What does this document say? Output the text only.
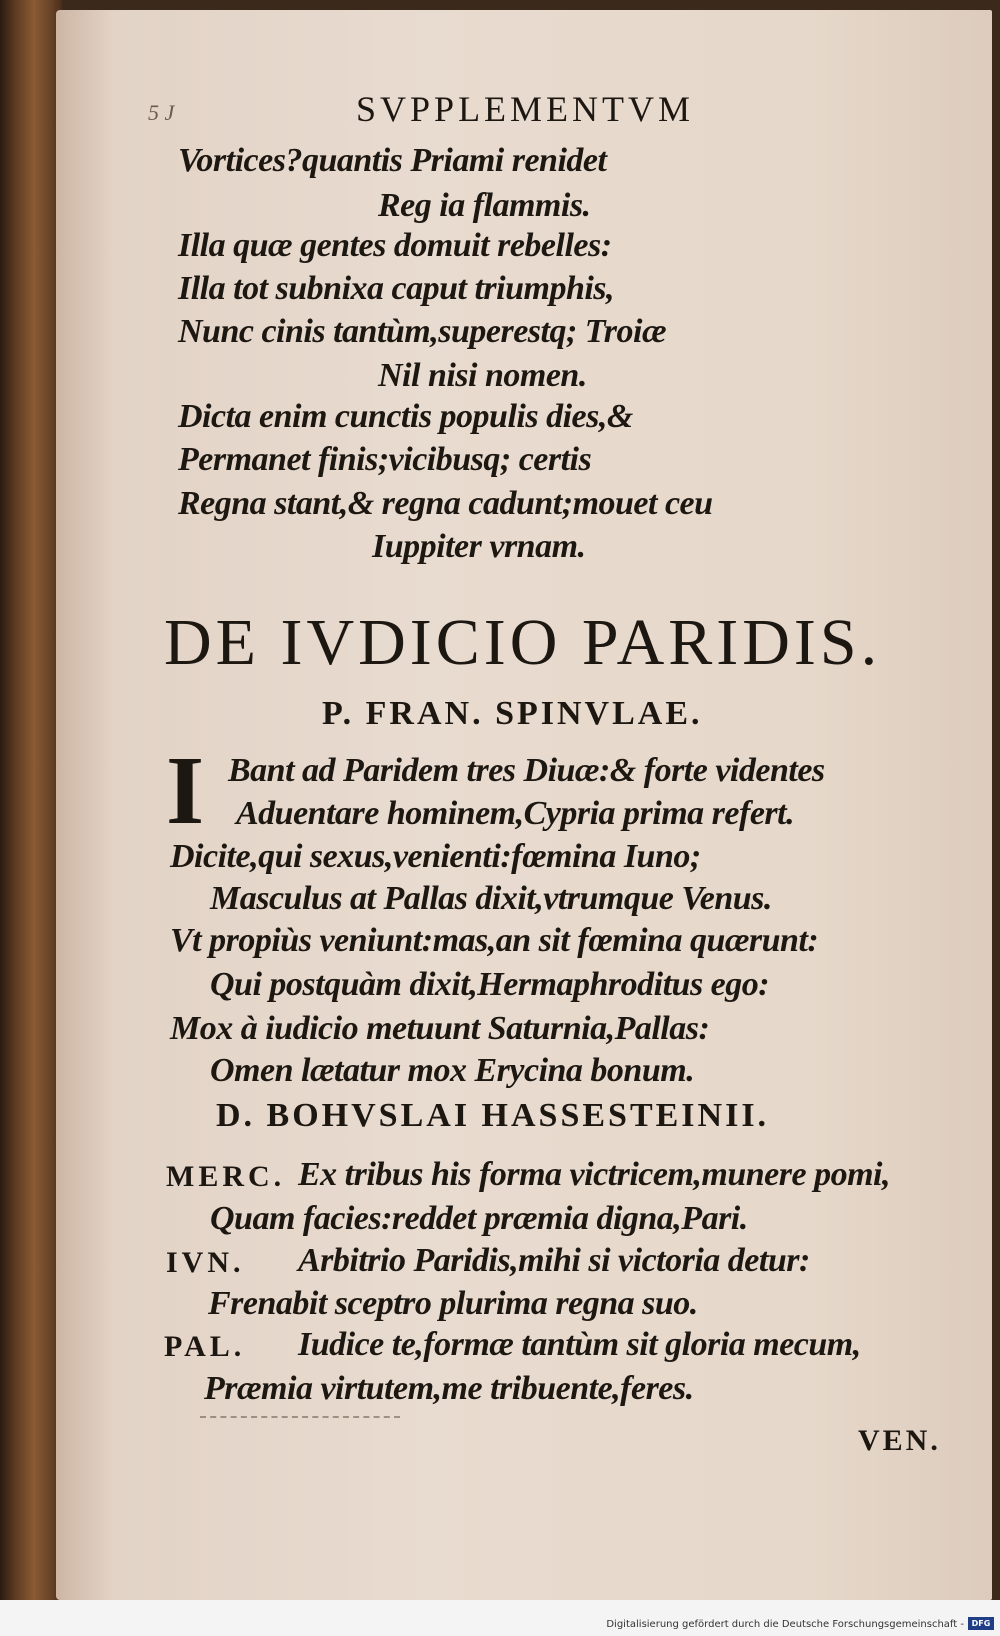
5 J	SVPPLEMENTVM
Vortices?quantis Priami renidet
Reg ia flammis.
Illa quæ gentes domuit rebelles:
Illa tot subnixa caput triumphis,
Nunc cinis tantùm,superestq; Troiæ
Nil nisi nomen.
Dicta enim cunctis populis dies,&
Permanet finis;vicibusq; certis
Regna stant,& regna cadunt;mouet ceu
Iuppiter vrnam.
DE IVDICIO PARIDIS.
P. FRAN. SPINVLAE.
I Bant ad Paridem tres Diuæ:& forte videntes
Aduentare hominem,Cypria prima refert.
Dicite,qui sexus,venienti:fœmina Iuno;
Masculus at Pallas dixit,vtrumque Venus.
Vt propiùs veniunt:mas,an sit fœmina quærunt:
Qui postquàm dixit,Hermaphroditus ego:
Mox à iudicio metuunt Saturnia,Pallas:
Omen lætatur mox Erycina bonum.
D. BOHVSLAI HASSESTEINII.
MERC. Ex tribus his forma victricem,munere pomi,
Quam facies:reddet præmia digna,Pari.
IVN. Arbitrio Paridis,mihi si victoria detur:
Frenabit sceptro plurima regna suo.
PAL. Iudice te,formæ tantùm sit gloria mecum,
Præmia virtutem,me tribuente,feres.
VEN.
Digitalisierung gefördert durch die Deutsche Forschungsgemeinschaft - DFG
